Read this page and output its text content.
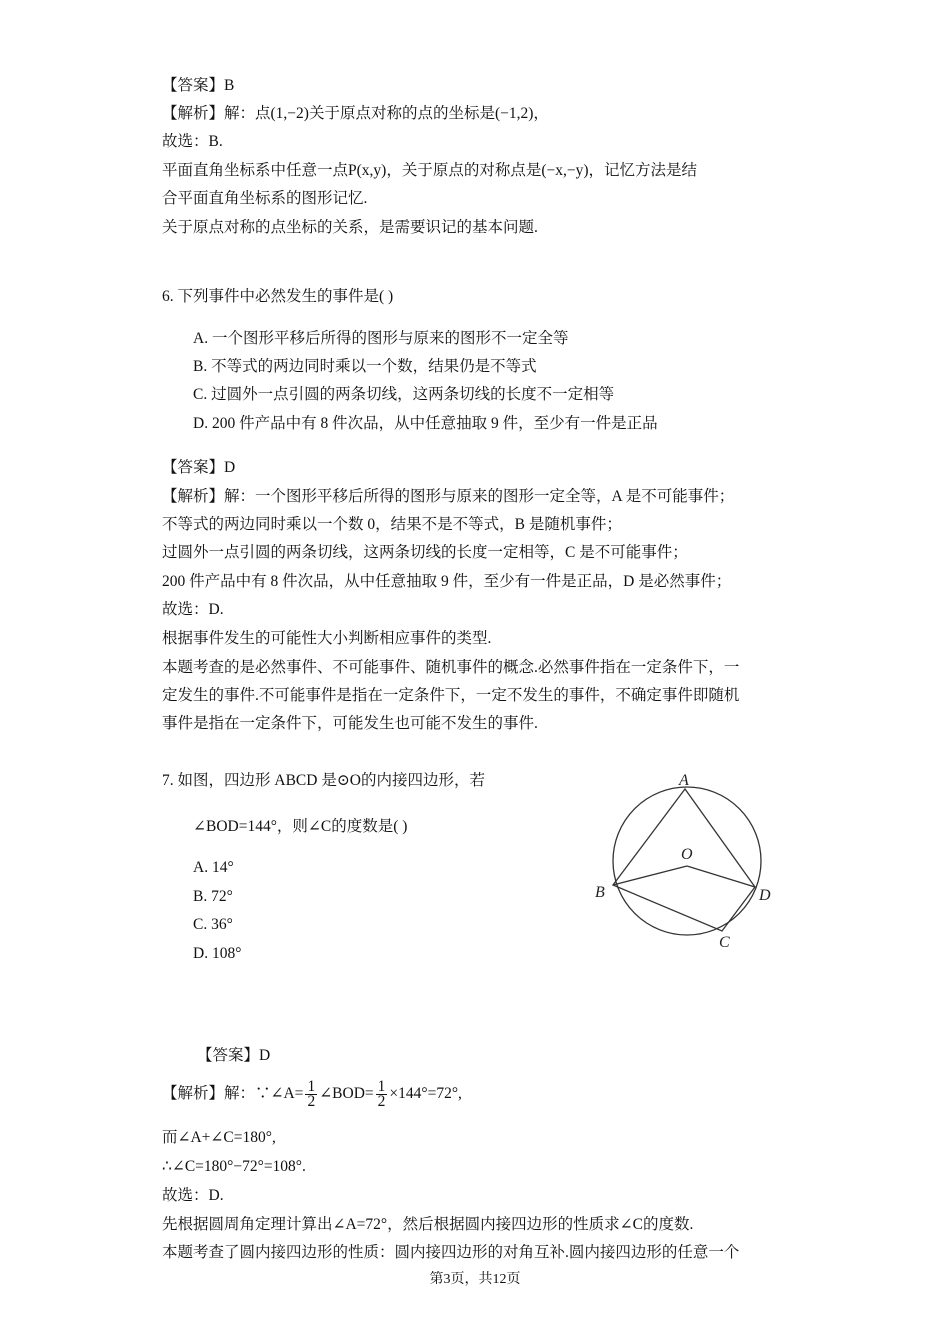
【答案】B
【解析】解：点(1,−2)关于原点对称的点的坐标是(−1,2)，
故选：B.
平面直角坐标系中任意一点P(x,y)，关于原点的对称点是(−x,−y)，记忆方法是结
合平面直角坐标系的图形记忆.
关于原点对称的点坐标的关系，是需要识记的基本问题.
6. 下列事件中必然发生的事件是( )
A. 一个图形平移后所得的图形与原来的图形不一定全等
B. 不等式的两边同时乘以一个数，结果仍是不等式
C. 过圆外一点引圆的两条切线，这两条切线的长度不一定相等
D. 200 件产品中有 8 件次品，从中任意抽取 9 件，至少有一件是正品
【答案】D
【解析】解：一个图形平移后所得的图形与原来的图形一定全等，A 是不可能事件；
不等式的两边同时乘以一个数 0，结果不是不等式，B 是随机事件；
过圆外一点引圆的两条切线，这两条切线的长度一定相等，C 是不可能事件；
200 件产品中有 8 件次品，从中任意抽取 9 件，至少有一件是正品，D 是必然事件；
故选：D.
根据事件发生的可能性大小判断相应事件的类型.
本题考查的是必然事件、不可能事件、随机事件的概念.必然事件指在一定条件下，一
定发生的事件.不可能事件是指在一定条件下，一定不发生的事件，不确定事件即随机
事件是指在一定条件下，可能发生也可能不发生的事件.
7. 如图，四边形 ABCD 是⊙O的内接四边形，若
∠BOD=144°，则∠C的度数是( )
A. 14°
B. 72°
C. 36°
D. 108°
A
B
C
D
O
【答案】D
【解析】解：∵∠A= $\frac{1}{2}$ ∠BOD= $\frac{1}{2} \times 144^\circ=72^\circ$,
而∠A+∠C=180°,
∴∠C=180°−72°=108°.
故选：D.
先根据圆周角定理计算出∠A=72°，然后根据圆内接四边形的性质求∠C的度数.
本题考查了圆内接四边形的性质：圆内接四边形的对角互补.圆内接四边形的任意一个
第3页，共12页
